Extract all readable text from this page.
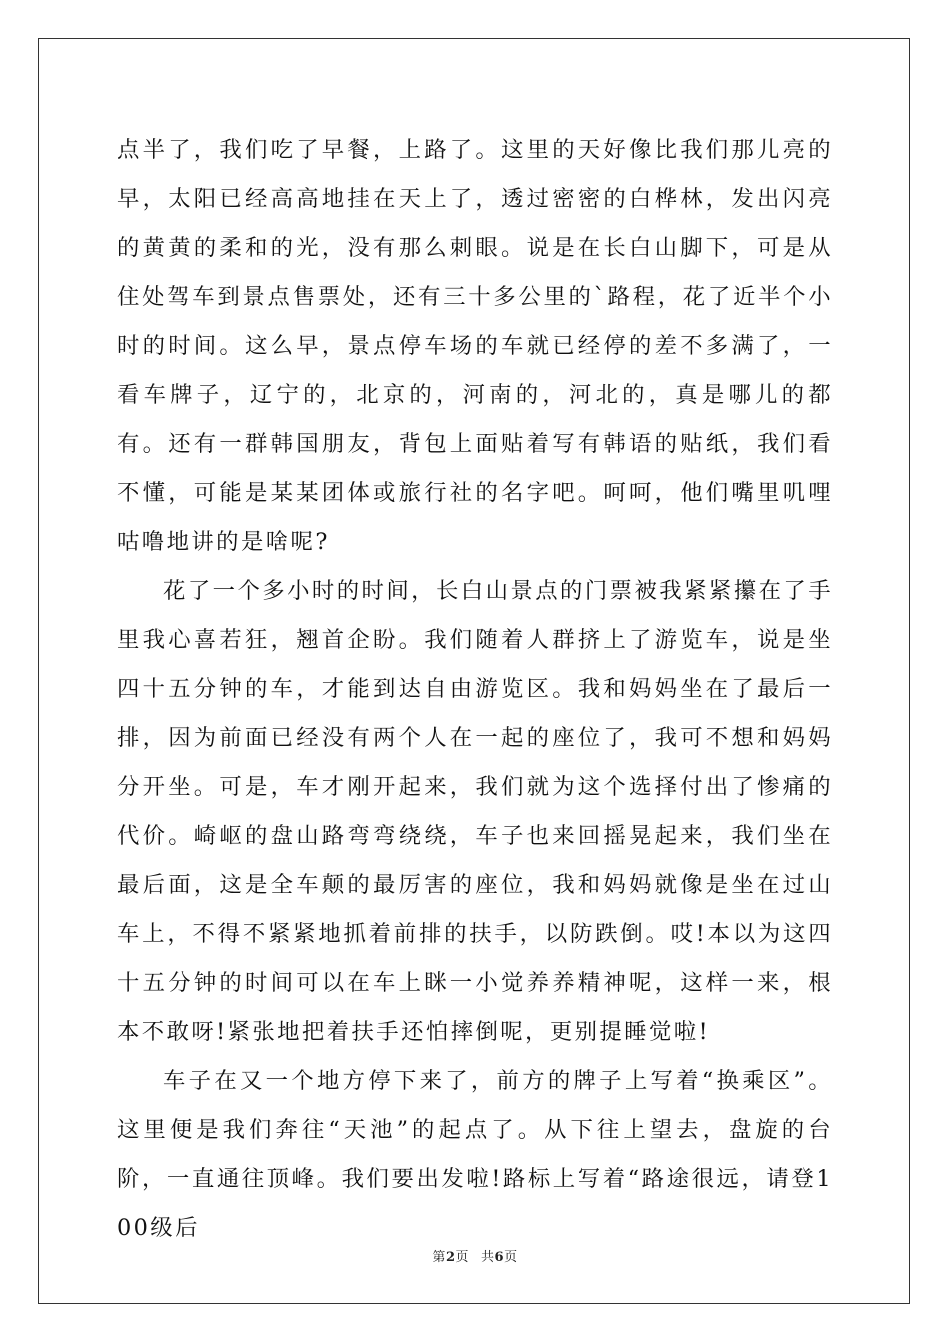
点半了，我们吃了早餐，上路了。这里的天好像比我们那儿亮的早，太阳已经高高地挂在天上了，透过密密的白桦林，发出闪亮的黄黄的柔和的光，没有那么刺眼。说是在长白山脚下，可是从住处驾车到景点售票处，还有三十多公里的`路程，花了近半个小时的时间。这么早，景点停车场的车就已经停的差不多满了，一看车牌子，辽宁的，北京的，河南的，河北的，真是哪儿的都有。还有一群韩国朋友，背包上面贴着写有韩语的贴纸，我们看不懂，可能是某某团体或旅行社的名字吧。呵呵，他们嘴里叽哩咕噜地讲的是啥呢?

花了一个多小时的时间，长白山景点的门票被我紧紧攥在了手里我心喜若狂，翘首企盼。我们随着人群挤上了游览车，说是坐四十五分钟的车，才能到达自由游览区。我和妈妈坐在了最后一排，因为前面已经没有两个人在一起的座位了，我可不想和妈妈分开坐。可是，车才刚开起来，我们就为这个选择付出了惨痛的代价。崎岖的盘山路弯弯绕绕，车子也来回摇晃起来，我们坐在最后面，这是全车颠的最厉害的座位，我和妈妈就像是坐在过山车上，不得不紧紧地抓着前排的扶手，以防跌倒。哎!本以为这四十五分钟的时间可以在车上眯一小觉养养精神呢，这样一来，根本不敢呀!紧张地把着扶手还怕摔倒呢，更别提睡觉啦!

车子在又一个地方停下来了，前方的牌子上写着“换乘区”。这里便是我们奔往“天池”的起点了。从下往上望去，盘旋的台阶，一直通往顶峰。我们要出发啦!路标上写着“路途很远，请登100级后

第2页 共6页
